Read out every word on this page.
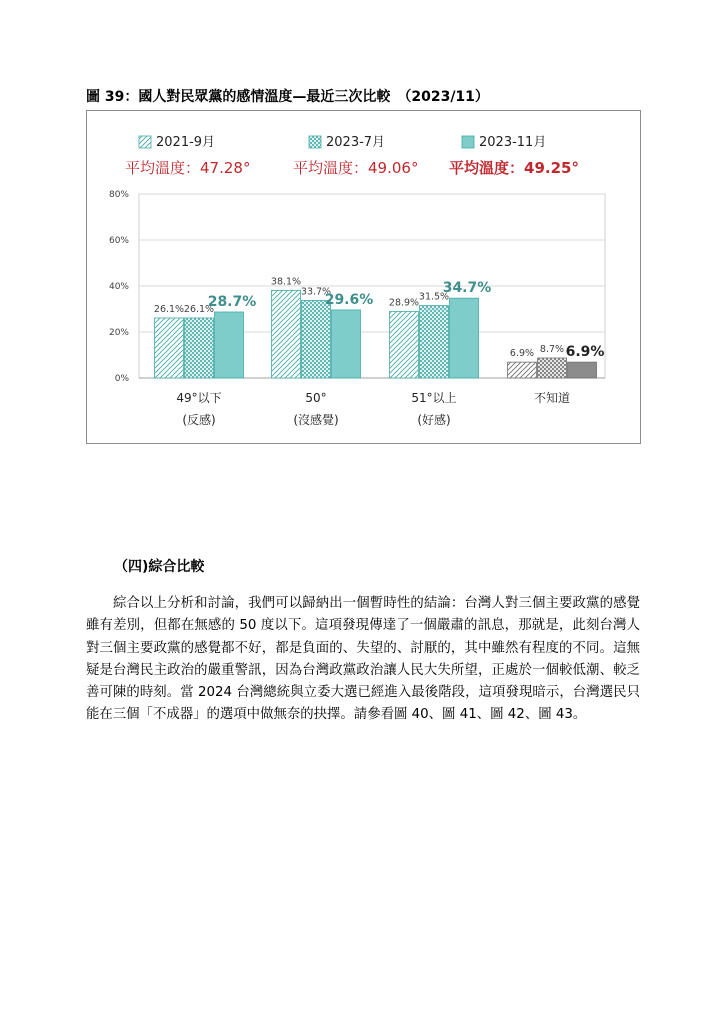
圖 39：國人對民眾黨的感情溫度—最近三次比較　（2023/11）
0%
20%
40%
60%
80%
2021-9月
平均溫度：47.28°
2023-7月
平均溫度：49.06°
2023-11月
平均溫度：49.25°
26.1% 26.1%
28.7%
49°以下
(反感)
38.1%
33.7%
29.6%
50°
(沒感覺)
28.9%
31.5%
34.7%
51°以上
(好感)
6.9% 8.7% 6.9%
不知道
（四)綜合比較
綜合以上分析和討論，我們可以歸納出一個暫時性的結論：台灣人對三個主要政黨的感覺雖有差別，但都在無感的 50 度以下。這項發現傳達了一個嚴肅的訊息，那就是，此刻台灣人對三個主要政黨的感覺都不好，都是負面的、失望的、討厭的，其中雖然有程度的不同。這無疑是台灣民主政治的嚴重警訊，因為台灣政黨政治讓人民大失所望，正處於一個較低潮、較乏善可陳的時刻。當 2024 台灣總統與立委大選已經進入最後階段，這項發現暗示，台灣選民只能在三個「不成器」的選項中做無奈的抉擇。請參看圖 40、圖 41、圖 42、圖 43。
